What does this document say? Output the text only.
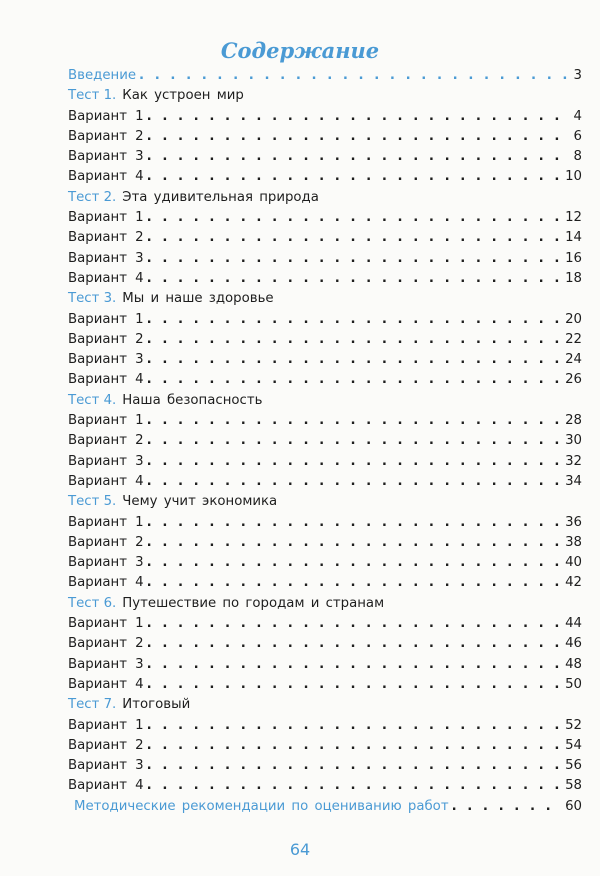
Содержание
Введение . . .	3
Тест 1. Как устроен мир
Вариант 1 . . .	4
Вариант 2 . . .	6
Вариант 3 . . .	8
Вариант 4 . . .	10
Тест 2. Эта удивительная природа
Вариант 1 . . .	12
Вариант 2 . . .	14
Вариант 3 . . .	16
Вариант 4 . . .	18
Тест 3. Мы и наше здоровье
Вариант 1 . . .	20
Вариант 2 . . .	22
Вариант 3 . . .	24
Вариант 4 . . .	26
Тест 4. Наша безопасность
Вариант 1 . . .	28
Вариант 2 . . .	30
Вариант 3 . . .	32
Вариант 4 . . .	34
Тест 5. Чему учит экономика
Вариант 1 . . .	36
Вариант 2 . . .	38
Вариант 3 . . .	40
Вариант 4 . . .	42
Тест 6. Путешествие по городам и странам
Вариант 1 . . .	44
Вариант 2 . . .	46
Вариант 3 . . .	48
Вариант 4 . . .	50
Тест 7. Итоговый
Вариант 1 . . .	52
Вариант 2 . . .	54
Вариант 3 . . .	56
Вариант 4 . . .	58
Методические рекомендации по оцениванию работ . . .	60
64
